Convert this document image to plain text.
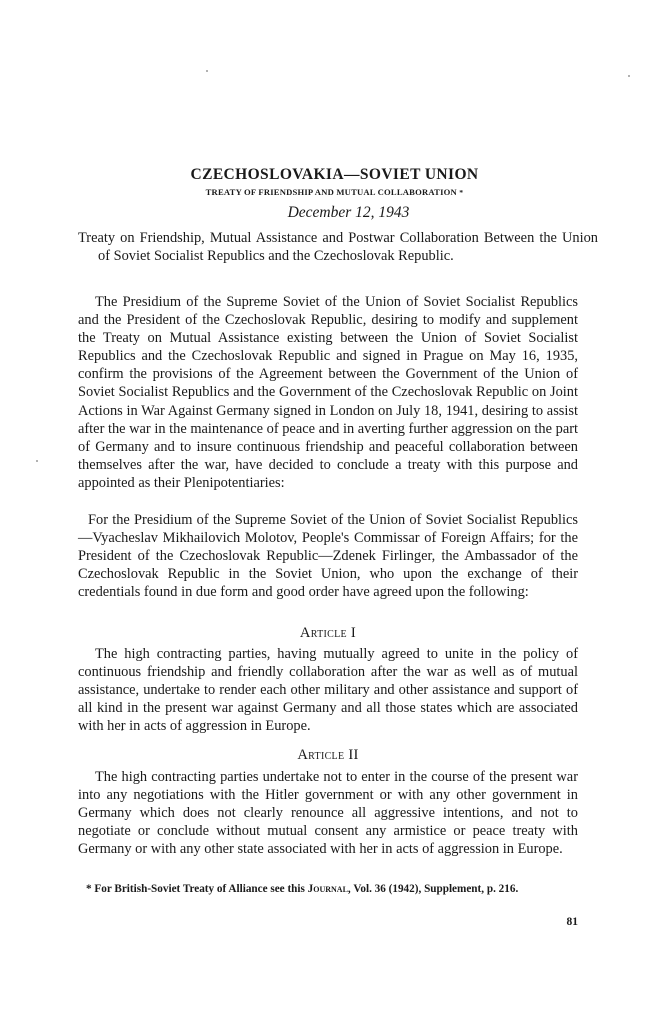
CZECHOSLOVAKIA—SOVIET UNION
TREATY OF FRIENDSHIP AND MUTUAL COLLABORATION *
December 12, 1943
Treaty on Friendship, Mutual Assistance and Postwar Collaboration Between the Union of Soviet Socialist Republics and the Czechoslovak Republic.
The Presidium of the Supreme Soviet of the Union of Soviet Socialist Republics and the President of the Czechoslovak Republic, desiring to modify and supplement the Treaty on Mutual Assistance existing between the Union of Soviet Socialist Republics and the Czechoslovak Republic and signed in Prague on May 16, 1935, confirm the provisions of the Agreement between the Government of the Union of Soviet Socialist Republics and the Government of the Czechoslovak Republic on Joint Actions in War Against Germany signed in London on July 18, 1941, desiring to assist after the war in the maintenance of peace and in averting further aggression on the part of Germany and to insure continuous friendship and peaceful collaboration between themselves after the war, have decided to conclude a treaty with this purpose and appointed as their Plenipotentiaries:
For the Presidium of the Supreme Soviet of the Union of Soviet Socialist Republics—Vyacheslav Mikhailovich Molotov, People's Commissar of Foreign Affairs; for the President of the Czechoslovak Republic—Zdenek Firlinger, the Ambassador of the Czechoslovak Republic in the Soviet Union, who upon the exchange of their credentials found in due form and good order have agreed upon the following:
Article I
The high contracting parties, having mutually agreed to unite in the policy of continuous friendship and friendly collaboration after the war as well as of mutual assistance, undertake to render each other military and other assistance and support of all kind in the present war against Germany and all those states which are associated with her in acts of aggression in Europe.
Article II
The high contracting parties undertake not to enter in the course of the present war into any negotiations with the Hitler government or with any other government in Germany which does not clearly renounce all aggressive intentions, and not to negotiate or conclude without mutual consent any armistice or peace treaty with Germany or with any other state associated with her in acts of aggression in Europe.
* For British-Soviet Treaty of Alliance see this Journal, Vol. 36 (1942), Supplement, p. 216.
81
